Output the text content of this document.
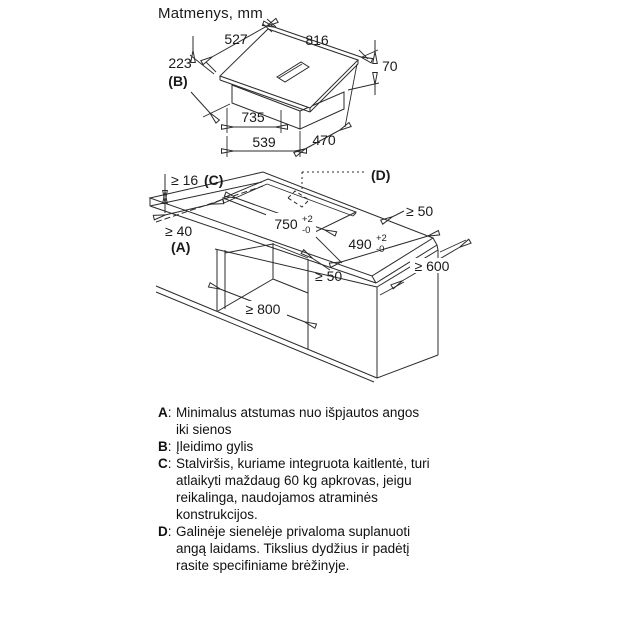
Matmenys, mm
527	816
223
(B)
70
735
539	470
≥ 16 (C)
≥ 40
(A)
750 +2
-0
490 +2
-0
≥ 50
≥ 50
≥ 600
≥ 800
(D)
A: Minimalus atstumas nuo išpjautos angos
iki sienos
B: Įleidimo gylis
C: Stalviršis, kuriame integruota kaitlentė, turi
atlaikyti maždaug 60 kg apkrovas, jeigu
reikalinga, naudojamos atraminės
konstrukcijos.
D: Galinėje sienelėje privaloma suplanuoti
angą laidams. Tikslius dydžius ir padėtį
rasite specifiniame brėžinyje.
